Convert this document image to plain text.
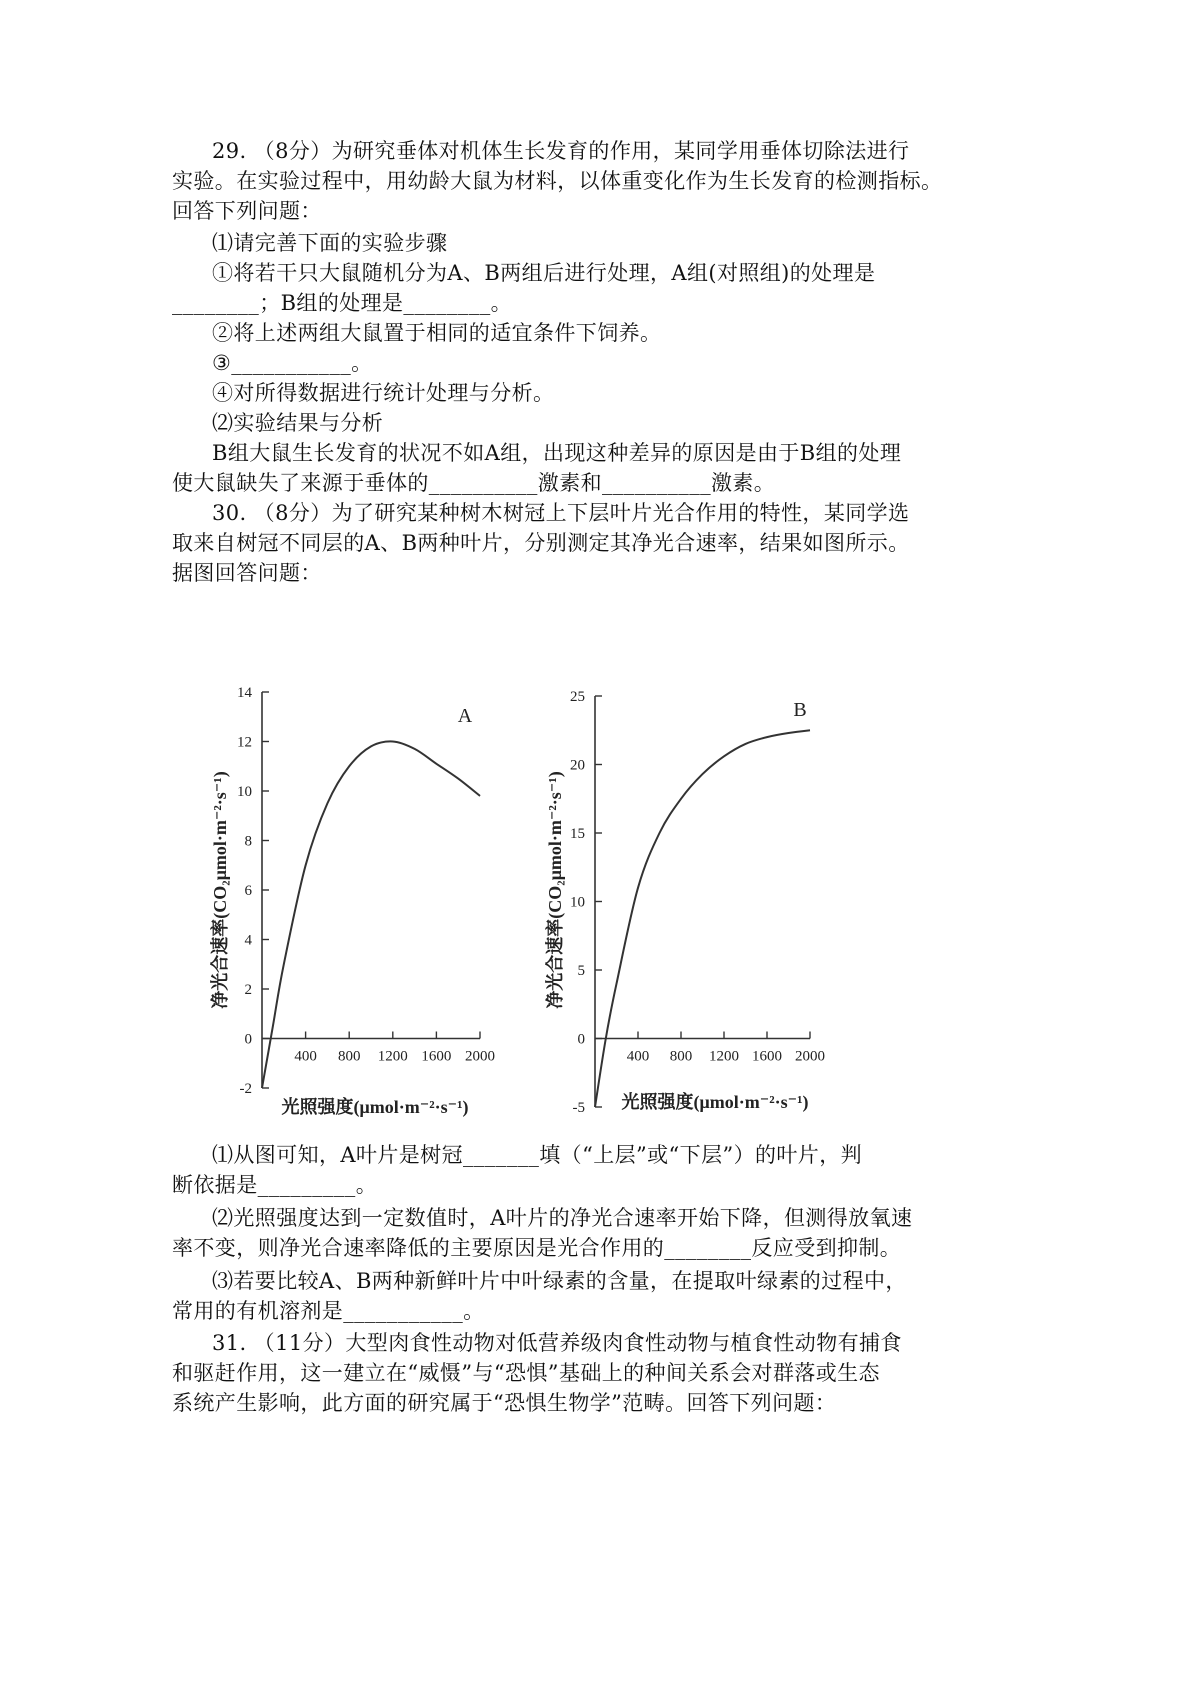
29. （8分）为研究垂体对机体生长发育的作用，某同学用垂体切除法进行
实验。在实验过程中，用幼龄大鼠为材料，以体重变化作为生长发育的检测指标。
回答下列问题：
⑴请完善下面的实验步骤
①将若干只大鼠随机分为A、B两组后进行处理，A组(对照组)的处理是
________；B组的处理是________。
②将上述两组大鼠置于相同的适宜条件下饲养。
③___________。
④对所得数据进行统计处理与分析。
⑵实验结果与分析
B组大鼠生长发育的状况不如A组，出现这种差异的原因是由于B组的处理
使大鼠缺失了来源于垂体的__________激素和__________激素。
30. （8分）为了研究某种树木树冠上下层叶片光合作用的特性，某同学选
取来自树冠不同层的A、B两种叶片，分别测定其净光合速率，结果如图所示。
据图回答问题：
⑴从图可知，A叶片是树冠_______填（“上层”或“下层”）的叶片，判
断依据是_________。
⑵光照强度达到一定数值时，A叶片的净光合速率开始下降，但测得放氧速
率不变，则净光合速率降低的主要原因是光合作用的________反应受到抑制。
⑶若要比较A、B两种新鲜叶片中叶绿素的含量，在提取叶绿素的过程中，
常用的有机溶剂是___________。
31. （11分）大型肉食性动物对低营养级肉食性动物与植食性动物有捕食
和驱赶作用，这一建立在“威慑”与“恐惧”基础上的种间关系会对群落或生态
系统产生影响，此方面的研究属于“恐惧生物学”范畴。回答下列问题：
净光合速率(CO₂μmol·m⁻²·s⁻¹)
A
光照强度(μmol·m⁻²·s⁻¹)
14
12
10
8
6
4
2
0
-2
400 800 1200 1600 2000
净光合速率(CO₂μmol·m⁻²·s⁻¹)
B
光照强度(μmol·m⁻²·s⁻¹)
25
20
15
10
5
0
-5
400 800 1200 1600 2000
